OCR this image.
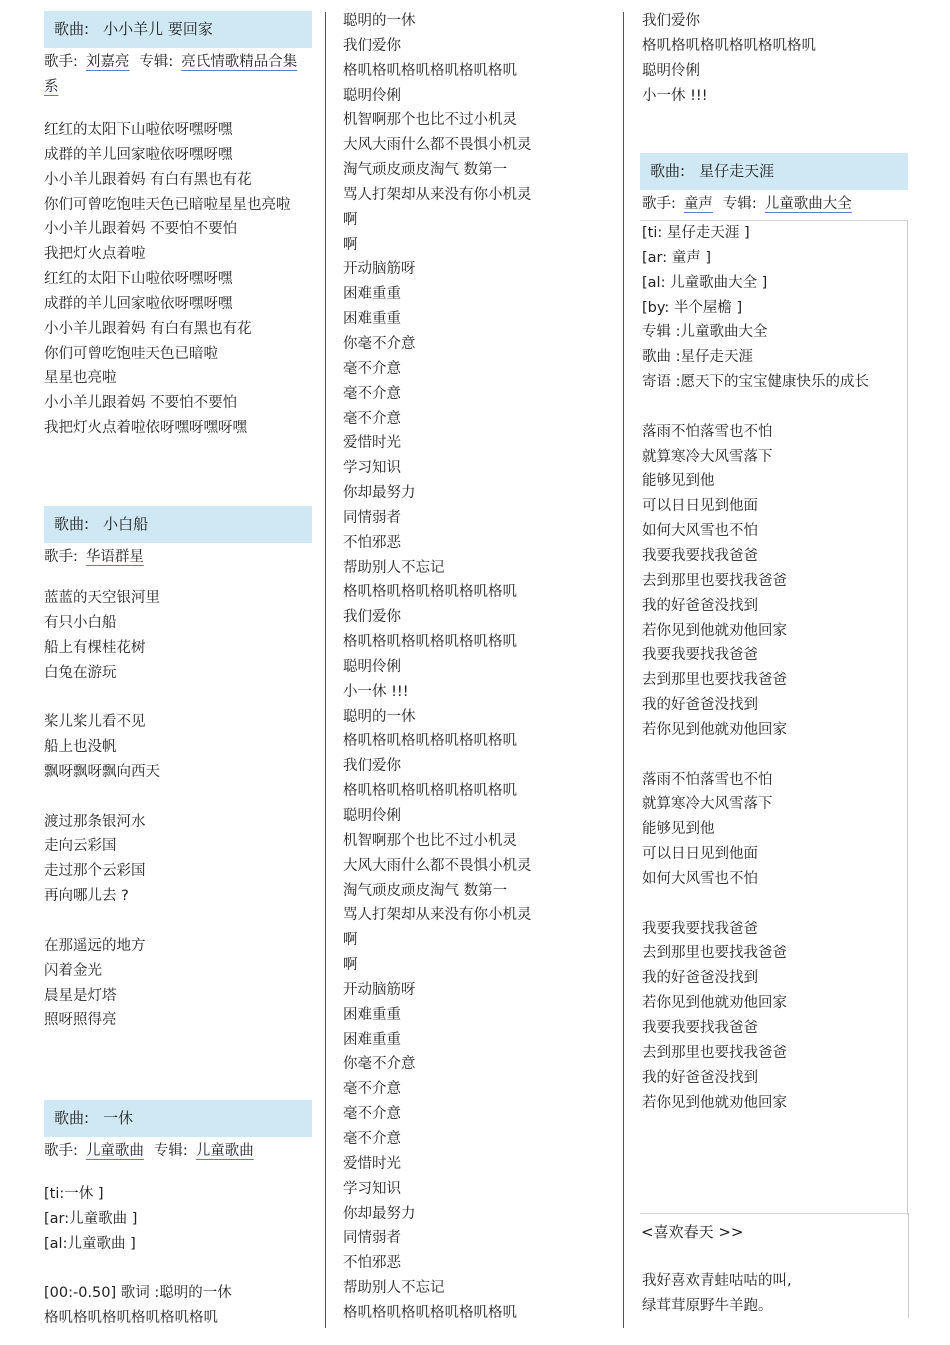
歌曲: 小小羊儿 要回家
歌手: 刘嘉亮 专辑: 亮氏情歌精品合集系
红红的太阳下山啦依呀嘿呀嘿
成群的羊儿回家啦依呀嘿呀嘿
小小羊儿跟着妈 有白有黑也有花
你们可曾吃饱哇天色已暗啦星星也亮啦
小小羊儿跟着妈 不要怕不要怕
我把灯火点着啦
红红的太阳下山啦依呀嘿呀嘿
成群的羊儿回家啦依呀嘿呀嘿
小小羊儿跟着妈 有白有黑也有花
你们可曾吃饱哇天色已暗啦
星星也亮啦
小小羊儿跟着妈 不要怕不要怕
我把灯火点着啦依呀嘿呀嘿呀嘿
歌曲: 小白船
歌手: 华语群星
蓝蓝的天空银河里
有只小白船
船上有棵桂花树
白兔在游玩
桨儿桨儿看不见
船上也没帆
飘呀飘呀飘向西天
渡过那条银河水
走向云彩国
走过那个云彩国
再向哪儿去 ?
在那遥远的地方
闪着金光
晨星是灯塔
照呀照得亮
歌曲: 一休
歌手: 儿童歌曲 专辑: 儿童歌曲
[ti:一休 ]
[ar:儿童歌曲 ]
[al:儿童歌曲 ]
[00:-0.50] 歌词 :聪明的一休
格叽格叽格叽格叽格叽格叽
聪明的一休
我们爱你
格叽格叽格叽格叽格叽格叽
聪明伶俐
机智啊那个也比不过小机灵
大风大雨什么都不畏惧小机灵
淘气顽皮顽皮淘气 数第一
骂人打架却从来没有你小机灵
啊
啊
开动脑筋呀
困难重重
困难重重
你毫不介意
毫不介意
毫不介意
毫不介意
爱惜时光
学习知识
你却最努力
同情弱者
不怕邪恶
帮助别人不忘记
格叽格叽格叽格叽格叽格叽
我们爱你
格叽格叽格叽格叽格叽格叽
聪明伶俐
小一休 !!!
聪明的一休
格叽格叽格叽格叽格叽格叽
我们爱你
格叽格叽格叽格叽格叽格叽
聪明伶俐
机智啊那个也比不过小机灵
大风大雨什么都不畏惧小机灵
淘气顽皮顽皮淘气 数第一
骂人打架却从来没有你小机灵
啊
啊
开动脑筋呀
困难重重
困难重重
你毫不介意
毫不介意
毫不介意
毫不介意
爱惜时光
学习知识
你却最努力
同情弱者
不怕邪恶
帮助别人不忘记
格叽格叽格叽格叽格叽格叽
我们爱你
格叽格叽格叽格叽格叽格叽
聪明伶俐
小一休 !!!
歌曲: 星仔走天涯
歌手: 童声 专辑: 儿童歌曲大全
[ti: 星仔走天涯 ]
[ar: 童声 ]
[al: 儿童歌曲大全 ]
[by: 半个屋檐 ]
专辑 :儿童歌曲大全
歌曲 :星仔走天涯
寄语 :愿天下的宝宝健康快乐的成长
落雨不怕落雪也不怕
就算寒冷大风雪落下
能够见到他
可以日日见到他面
如何大风雪也不怕
我要我要找我爸爸
去到那里也要找我爸爸
我的好爸爸没找到
若你见到他就劝他回家
我要我要找我爸爸
去到那里也要找我爸爸
我的好爸爸没找到
若你见到他就劝他回家
落雨不怕落雪也不怕
就算寒冷大风雪落下
能够见到他
可以日日见到他面
如何大风雪也不怕
我要我要找我爸爸
去到那里也要找我爸爸
我的好爸爸没找到
若你见到他就劝他回家
我要我要找我爸爸
去到那里也要找我爸爸
我的好爸爸没找到
若你见到他就劝他回家
<喜欢春天 >>
我好喜欢青蛙咕咕的叫,
绿茸茸原野牛羊跑。
